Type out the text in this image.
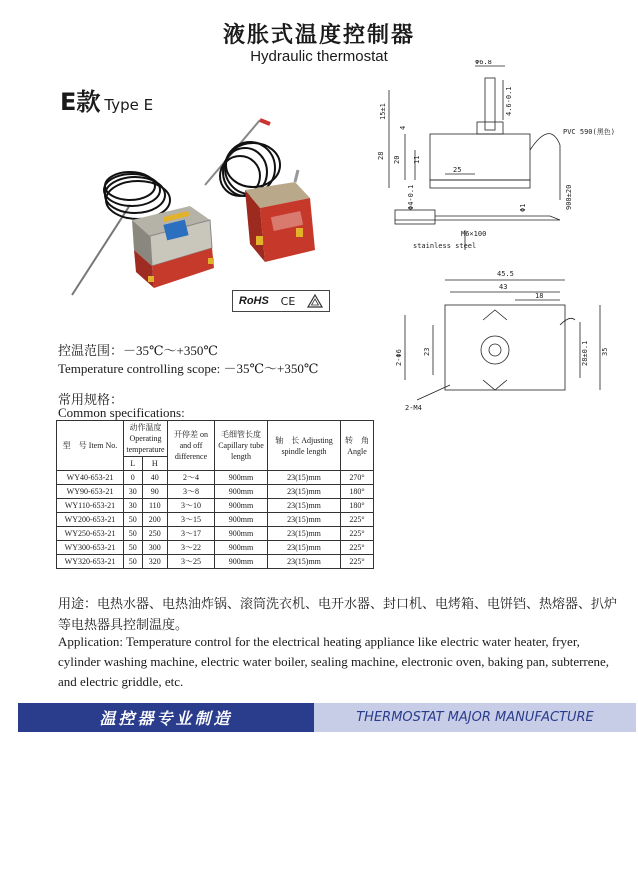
液胀式温度控制器
Hydraulic thermostat
E款 Type E
RoHS CE
控温范围：－35℃～+350℃
Temperature controlling scope: －35℃～+350℃
常用规格：
Common specifications:
型　号 Item No.	动作温度 Operating temperature		开停差 on and off difference	毛细管长度 Capillary tube length	轴　长 Adjusting spindle length	转　角 Angle
	L	H				
WY40-653-21	0	40	2～4	900mm	23(15)mm	270°
WY90-653-21	30	90	3～8	900mm	23(15)mm	180°
WY110-653-21	30	110	3～10	900mm	23(15)mm	180°
WY200-653-21	50	200	3～15	900mm	23(15)mm	225°
WY250-653-21	50	250	3～17	900mm	23(15)mm	225°
WY300-653-21	50	300	3～22	900mm	23(15)mm	225°
WY320-653-21	50	320	3～25	900mm	23(15)mm	225°
Φ6.8
PVC 590(黑色)
900±20
Φ1
M6×100
stainless steel
15±1
4
4.6-0.1
28 20 11
25
Φ4-0.1
45.5
43
18
23	28±0.1 35
2-Φ6
2-M4
用途：电热水器、电热油炸锅、滚筒洗衣机、电开水器、封口机、电烤箱、电饼铛、热熔器、扒炉等电热器具控制温度。
Application: Temperature control for the electrical heating appliance like electric water heater, fryer, cylinder washing machine, electric water boiler, sealing machine, electronic oven, baking pan, subterrene, and electric griddle, etc.
温控器专业制造	THERMOSTAT MAJOR MANUFACTURE
